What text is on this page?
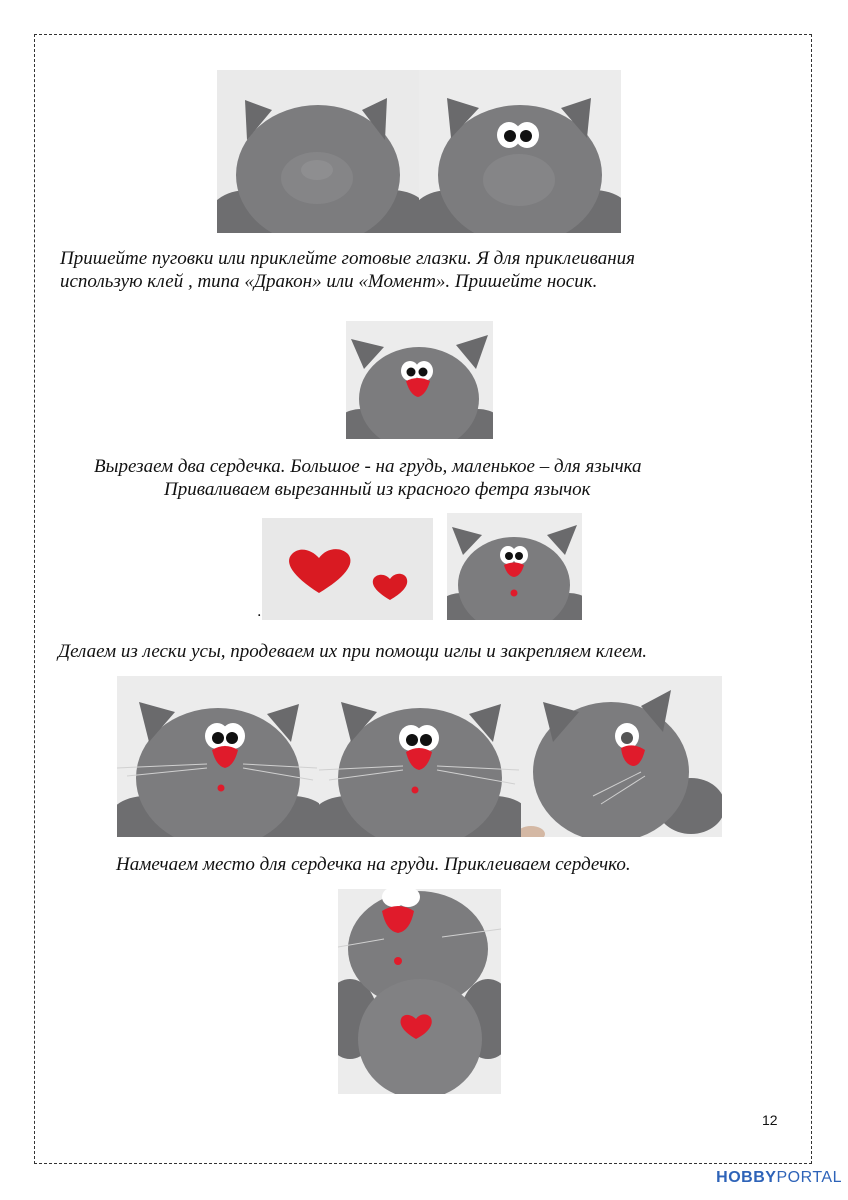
Пришейте пуговки или приклейте готовые глазки. Я для приклеивания
использую клей , типа «Дракон» или «Момент». Пришейте носик.
Вырезаем два сердечка. Большое - на грудь, маленькое – для язычка
Приваливаем вырезанный из красного фетра язычок
.
Делаем из лески усы, продеваем их при помощи иглы и закрепляем клеем.
Намечаем место для сердечка на груди. Приклеиваем сердечко.
12
HOBBYPORTAL
